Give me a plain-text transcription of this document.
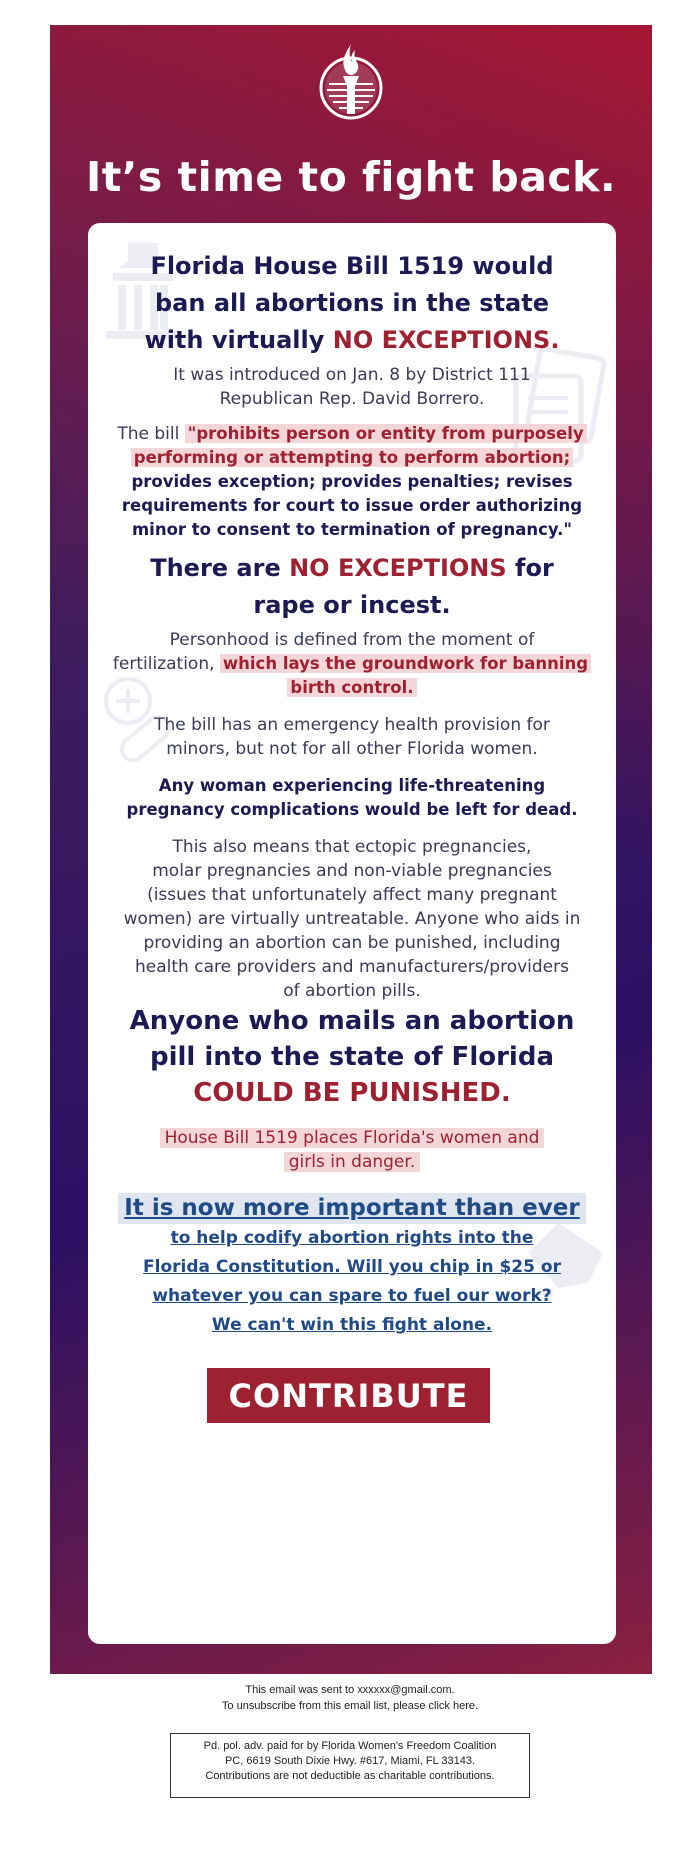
It’s time to fight back.
Florida House Bill 1519 would
ban all abortions in the state
with virtually NO EXCEPTIONS.
It was introduced on Jan. 8 by District 111
Republican Rep. David Borrero.
The bill "prohibits person or entity from purposely
performing or attempting to perform abortion;
provides exception; provides penalties; revises
requirements for court to issue order authorizing
minor to consent to termination of pregnancy."
There are NO EXCEPTIONS for
rape or incest.
Personhood is defined from the moment of
fertilization, which lays the groundwork for banning
birth control.
The bill has an emergency health provision for
minors, but not for all other Florida women.
Any woman experiencing life-threatening
pregnancy complications would be left for dead.
This also means that ectopic pregnancies,
molar pregnancies and non-viable pregnancies
(issues that unfortunately affect many pregnant
women) are virtually untreatable. Anyone who aids in
providing an abortion can be punished, including
health care providers and manufacturers/providers
of abortion pills.
Anyone who mails an abortion
pill into the state of Florida
COULD BE PUNISHED.
House Bill 1519 places Florida's women and
girls in danger.
It is now more important than ever
to help codify abortion rights into the
Florida Constitution. Will you chip in $25 or
whatever you can spare to fuel our work?
We can't win this fight alone.
CONTRIBUTE
This email was sent to xxxxxx@gmail.com.
To unsubscribe from this email list, please click here.
Pd. pol. adv. paid for by Florida Women's Freedom Coalition
PC, 6619 South Dixie Hwy. #617, Miami, FL 33143.
Contributions are not deductible as charitable contributions.
